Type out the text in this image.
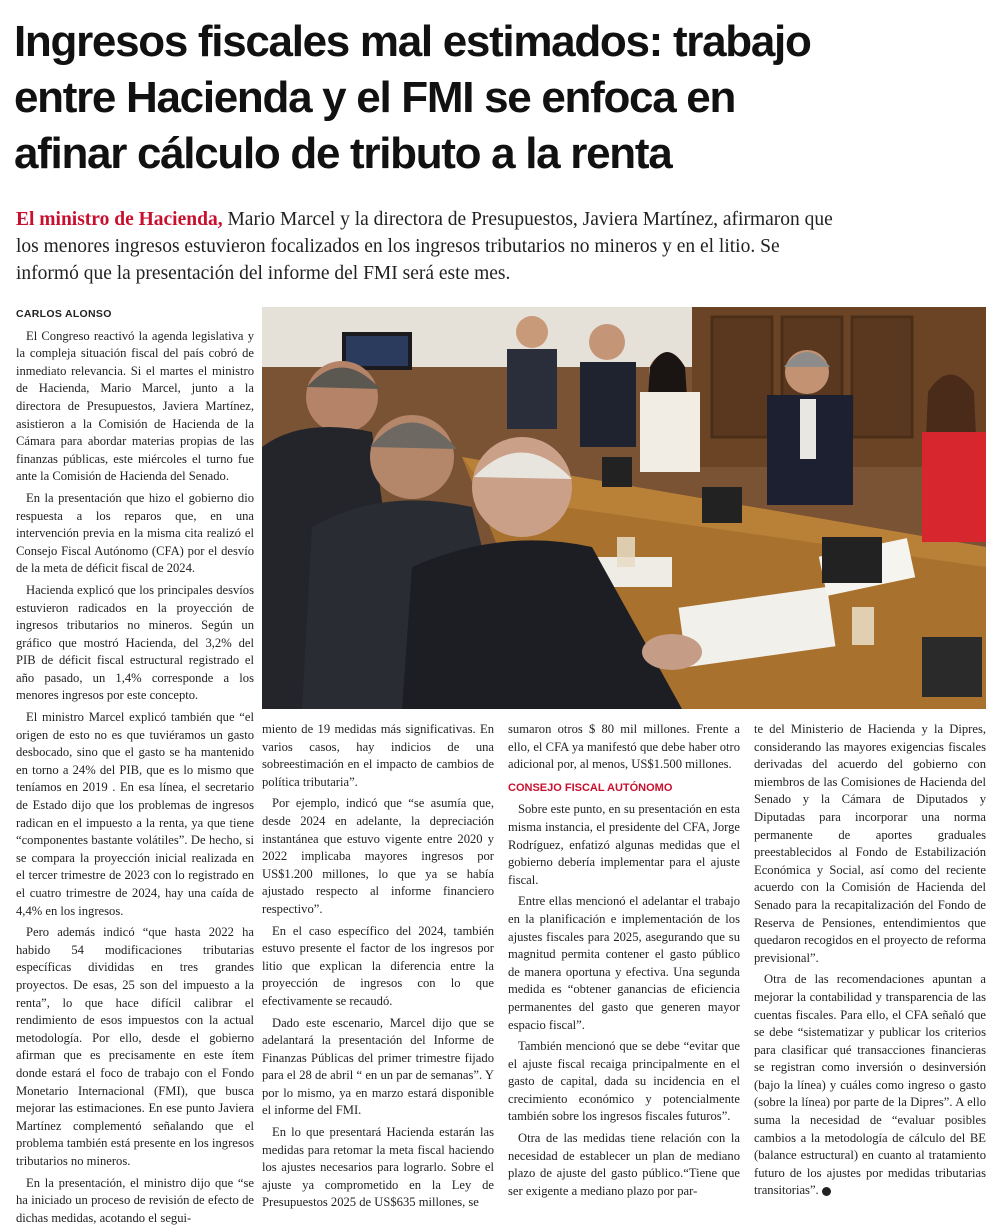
Ingresos fiscales mal estimados: trabajo
entre Hacienda y el FMI se enfoca en
afinar cálculo de tributo a la renta
El ministro de Hacienda, Mario Marcel y la directora de Presupuestos, Javiera Martínez, afirmaron que
los menores ingresos estuvieron focalizados en los ingresos tributarios no mineros y en el litio. Se
informó que la presentación del informe del FMI será este mes.
CARLOS ALONSO

El Congreso reactivó la agenda legislativa y la compleja situación fiscal del país cobró de inmediato relevancia. Si el martes el ministro de Hacienda, Mario Marcel, junto a la directora de Presupuestos, Javiera Martínez, asistieron a la Comisión de Hacienda de la Cámara para abordar materias propias de las finanzas públicas, este miércoles el turno fue ante la Comisión de Hacienda del Senado.

En la presentación que hizo el gobierno dio respuesta a los reparos que, en una intervención previa en la misma cita realizó el Consejo Fiscal Autónomo (CFA) por el desvío de la meta de déficit fiscal de 2024.

Hacienda explicó que los principales desvíos estuvieron radicados en la proyección de ingresos tributarios no mineros. Según un gráfico que mostró Hacienda, del 3,2% del PIB de déficit fiscal estructural registrado el año pasado, un 1,4% corresponde a los menores ingresos por este concepto.

El ministro Marcel explicó también que “el origen de esto no es que tuviéramos un gasto desbocado, sino que el gasto se ha mantenido en torno a 24% del PIB, que es lo mismo que teníamos en 2019 . En esa línea, el secretario de Estado dijo que los problemas de ingresos radican en el impuesto a la renta, ya que tiene “componentes bastante volátiles”. De hecho, si se compara la proyección inicial realizada en el tercer trimestre de 2023 con lo registrado en el cuatro trimestre de 2024, hay una caída de 4,4% en los ingresos.

Pero además indicó “que hasta 2022 ha habido 54 modificaciones tributarias específicas divididas en tres grandes proyectos. De esas, 25 son del impuesto a la renta”, lo que hace difícil calibrar el rendimiento de esos impuestos con la actual metodología. Por ello, desde el gobierno afirman que es precisamente en este ítem donde estará el foco de trabajo con el Fondo Monetario Internacional (FMI), que busca mejorar las estimaciones. En ese punto Javiera Martínez complementó señalando que el problema también está presente en los ingresos tributarios no mineros.

En la presentación, el ministro dijo que “se ha iniciado un proceso de revisión de efecto de dichas medidas, acotando el segui-

miento de 19 medidas más significativas. En varios casos, hay indicios de una sobreestimación en el impacto de cambios de política tributaria”.

Por ejemplo, indicó que “se asumía que, desde 2024 en adelante, la depreciación instantánea que estuvo vigente entre 2020 y 2022 implicaba mayores ingresos por US$1.200 millones, lo que ya se había ajustado respecto al informe financiero respectivo”.

En el caso específico del 2024, también estuvo presente el factor de los ingresos por litio que explican la diferencia entre la proyección de ingresos con lo que efectivamente se recaudó.

Dado este escenario, Marcel dijo que se adelantará la presentación del Informe de Finanzas Públicas del primer trimestre fijado para el 28 de abril “ en un par de semanas”. Y por lo mismo, ya en marzo estará disponible el informe del FMI.

En lo que presentará Hacienda estarán las medidas para retomar la meta fiscal haciendo los ajustes necesarios para lograrlo. Sobre el ajuste ya comprometido en la Ley de Presupuestos 2025 de US$635 millones, se

sumaron otros $ 80 mil millones. Frente a ello, el CFA ya manifestó que debe haber otro adicional por, al menos, US$1.500 millones.

CONSEJO FISCAL AUTÓNOMO

Sobre este punto, en su presentación en esta misma instancia, el presidente del CFA, Jorge Rodríguez, enfatizó algunas medidas que el gobierno debería implementar para el ajuste fiscal.

Entre ellas mencionó el adelantar el trabajo en la planificación e implementación de los ajustes fiscales para 2025, asegurando que su magnitud permita contener el gasto público de manera oportuna y efectiva. Una segunda medida es “obtener ganancias de eficiencia permanentes del gasto que generen mayor espacio fiscal”.

También mencionó que se debe “evitar que el ajuste fiscal recaiga principalmente en el gasto de capital, dada su incidencia en el crecimiento económico y potencialmente también sobre los ingresos fiscales futuros”.

Otra de las medidas tiene relación con la necesidad de establecer un plan de mediano plazo de ajuste del gasto público.“Tiene que ser exigente a mediano plazo por par-

te del Ministerio de Hacienda y la Dipres, considerando las mayores exigencias fiscales derivadas del acuerdo del gobierno con miembros de las Comisiones de Hacienda del Senado y la Cámara de Diputados y Diputadas para incorporar una norma permanente de aportes graduales preestablecidos al Fondo de Estabilización Económica y Social, así como del reciente acuerdo con la Comisión de Hacienda del Senado para la recapitalización del Fondo de Reserva de Pensiones, entendimientos que quedaron recogidos en el proyecto de reforma previsional”.

Otra de las recomendaciones apuntan a mejorar la contabilidad y transparencia de las cuentas fiscales. Para ello, el CFA señaló que se debe “sistematizar y publicar los criterios para clasificar qué transacciones financieras se registran como inversión o desinversión (bajo la línea) y cuáles como ingreso o gasto (sobre la línea) por parte de la Dipres”. A ello suma la necesidad de “evaluar posibles cambios a la metodología de cálculo del BE (balance estructural) en cuanto al tratamiento futuro de los ajustes por medidas tributarias transitorias”.
